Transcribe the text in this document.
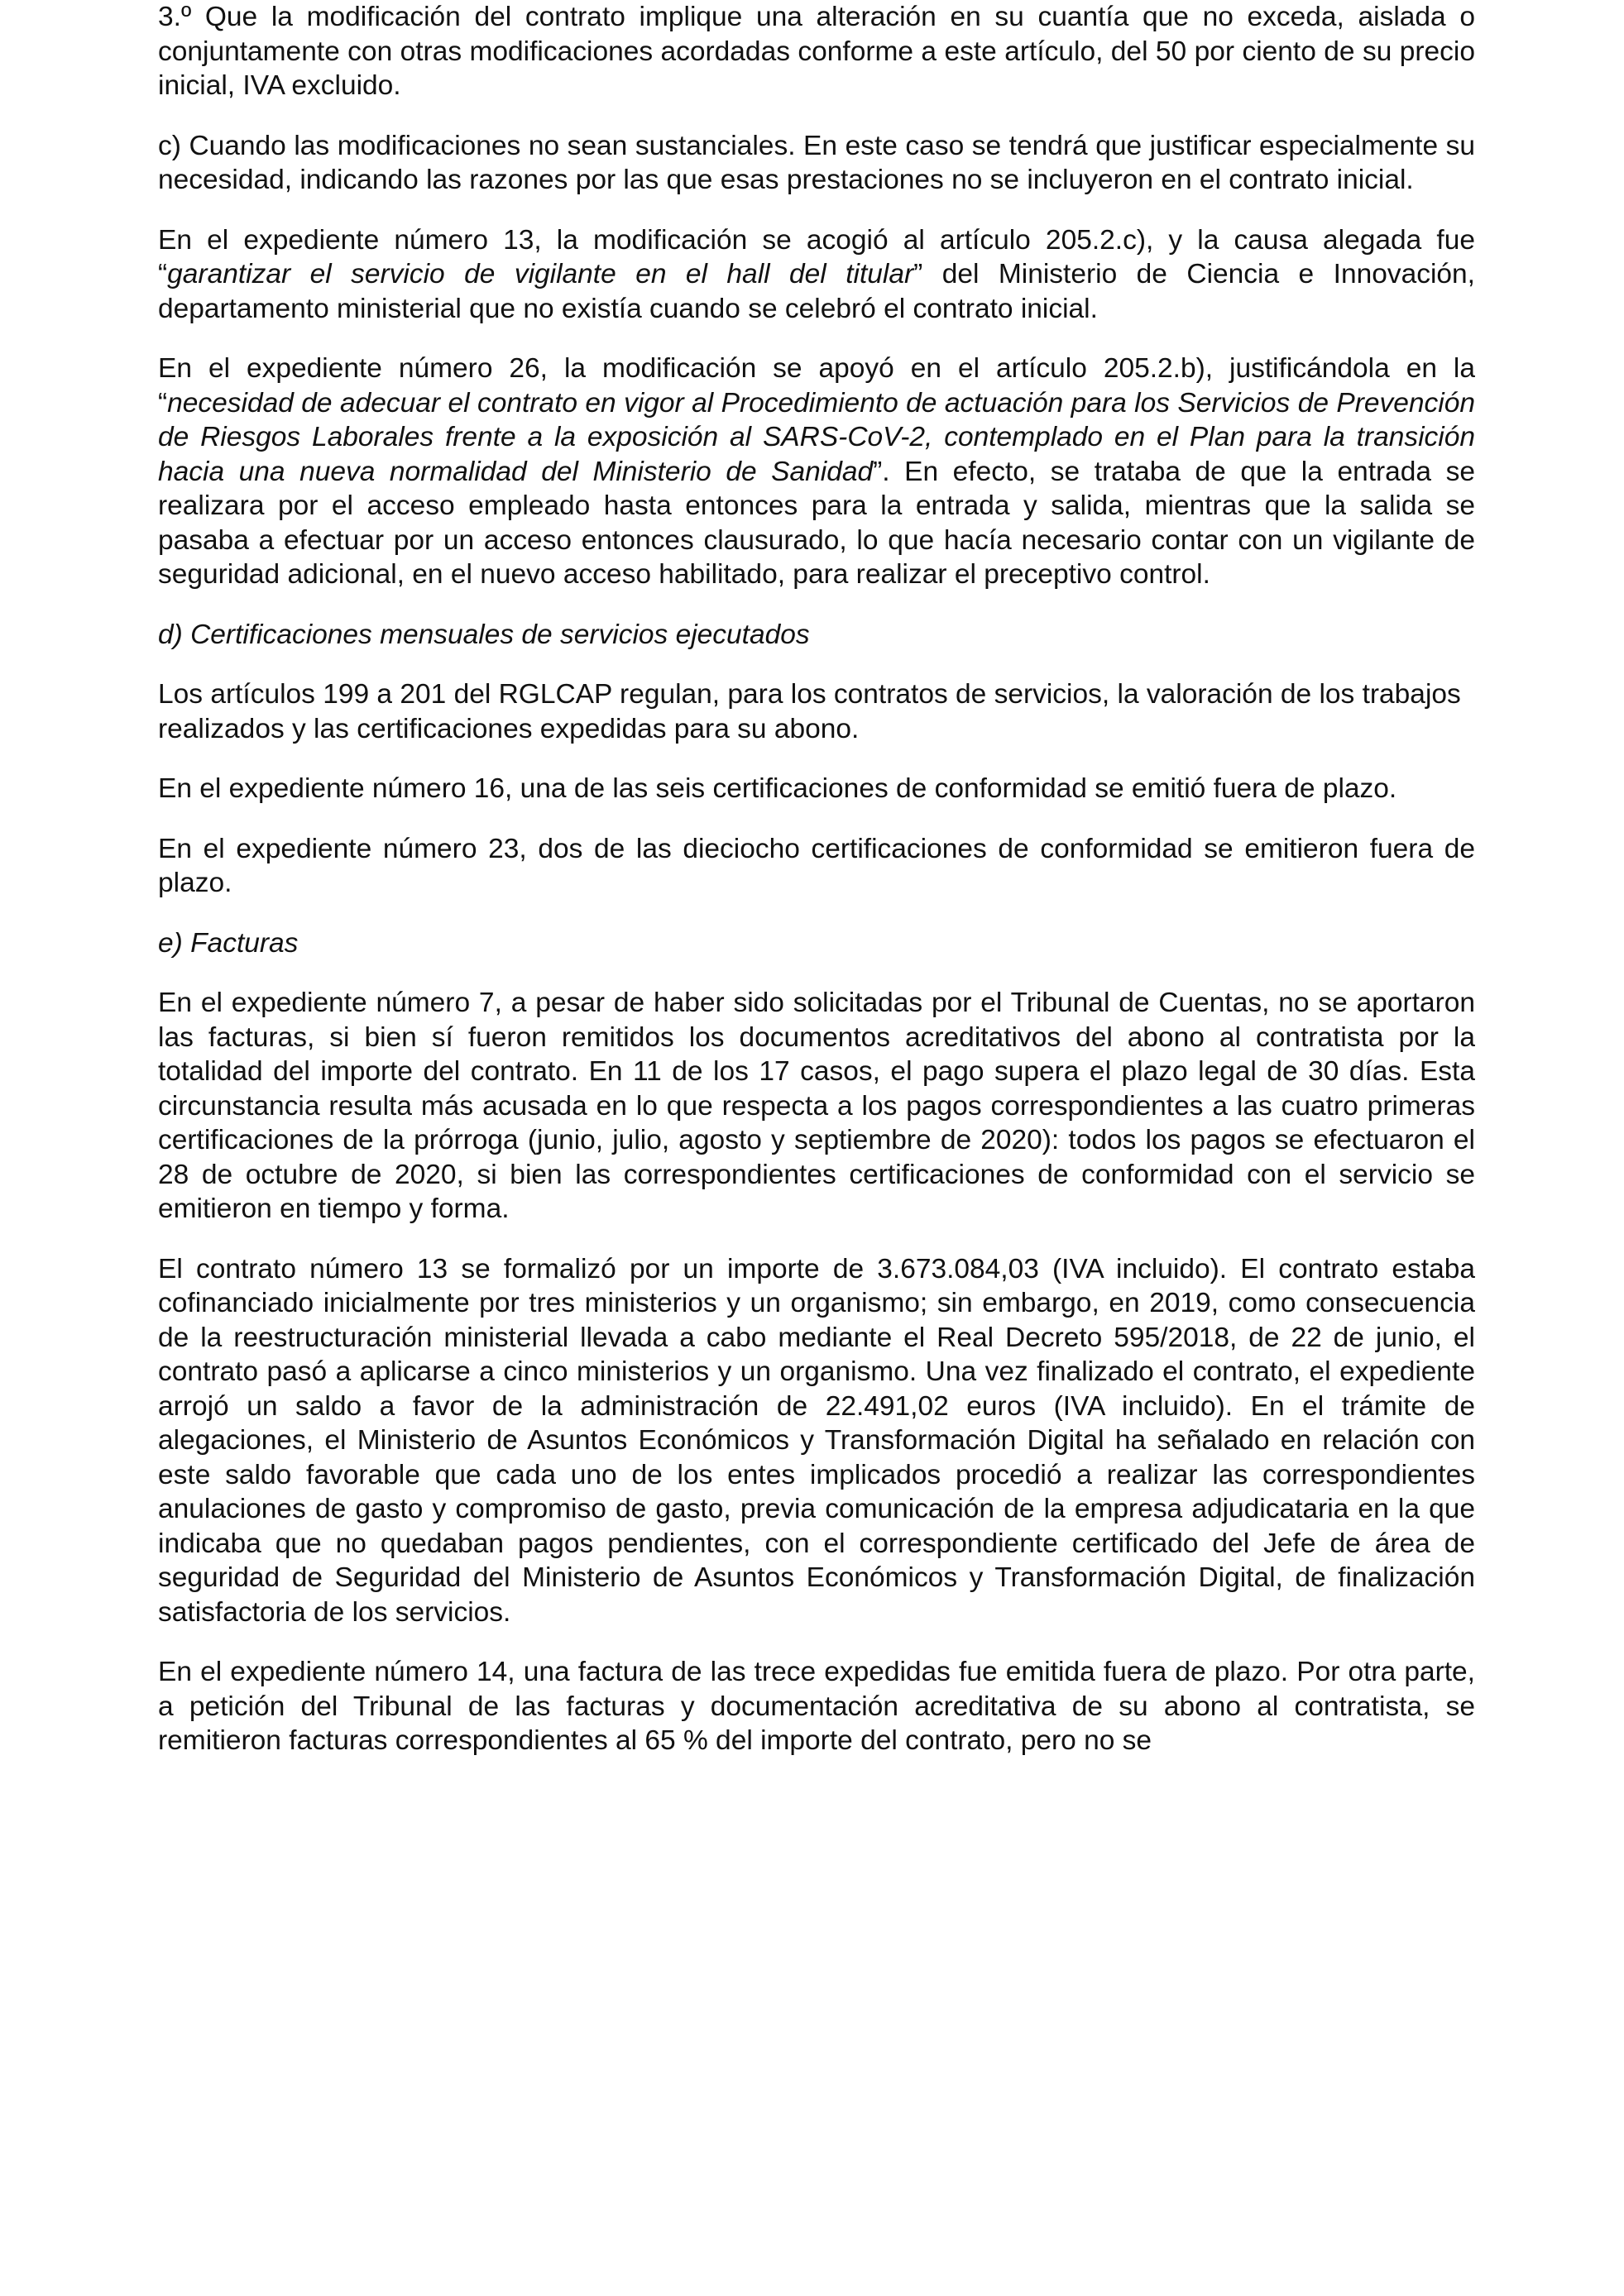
3.º Que la modificación del contrato implique una alteración en su cuantía que no exceda, aislada o conjuntamente con otras modificaciones acordadas conforme a este artículo, del 50 por ciento de su precio inicial, IVA excluido.

c) Cuando las modificaciones no sean sustanciales. En este caso se tendrá que justificar especialmente su necesidad, indicando las razones por las que esas prestaciones no se incluyeron en el contrato inicial.

En el expediente número 13, la modificación se acogió al artículo 205.2.c), y la causa alegada fue “garantizar el servicio de vigilante en el hall del titular” del Ministerio de Ciencia e Innovación, departamento ministerial que no existía cuando se celebró el contrato inicial.

En el expediente número 26, la modificación se apoyó en el artículo 205.2.b), justificándola en la “necesidad de adecuar el contrato en vigor al Procedimiento de actuación para los Servicios de Prevención de Riesgos Laborales frente a la exposición al SARS-CoV-2, contemplado en el Plan para la transición hacia una nueva normalidad del Ministerio de Sanidad”. En efecto, se trataba de que la entrada se realizara por el acceso empleado hasta entonces para la entrada y salida, mientras que la salida se pasaba a efectuar por un acceso entonces clausurado, lo que hacía necesario contar con un vigilante de seguridad adicional, en el nuevo acceso habilitado, para realizar el preceptivo control.

d) Certificaciones mensuales de servicios ejecutados

Los artículos 199 a 201 del RGLCAP regulan, para los contratos de servicios, la valoración de los trabajos realizados y las certificaciones expedidas para su abono.

En el expediente número 16, una de las seis certificaciones de conformidad se emitió fuera de plazo.

En el expediente número 23, dos de las dieciocho certificaciones de conformidad se emitieron fuera de plazo.

e) Facturas

En el expediente número 7, a pesar de haber sido solicitadas por el Tribunal de Cuentas, no se aportaron las facturas, si bien sí fueron remitidos los documentos acreditativos del abono al contratista por la totalidad del importe del contrato. En 11 de los 17 casos, el pago supera el plazo legal de 30 días. Esta circunstancia resulta más acusada en lo que respecta a los pagos correspondientes a las cuatro primeras certificaciones de la prórroga (junio, julio, agosto y septiembre de 2020): todos los pagos se efectuaron el 28 de octubre de 2020, si bien las correspondientes certificaciones de conformidad con el servicio se emitieron en tiempo y forma.

El contrato número 13 se formalizó por un importe de 3.673.084,03 (IVA incluido). El contrato estaba cofinanciado inicialmente por tres ministerios y un organismo; sin embargo, en 2019, como consecuencia de la reestructuración ministerial llevada a cabo mediante el Real Decreto 595/2018, de 22 de junio, el contrato pasó a aplicarse a cinco ministerios y un organismo. Una vez finalizado el contrato, el expediente arrojó un saldo a favor de la administración de 22.491,02 euros (IVA incluido). En el trámite de alegaciones, el Ministerio de Asuntos Económicos y Transformación Digital ha señalado en relación con este saldo favorable que cada uno de los entes implicados procedió a realizar las correspondientes anulaciones de gasto y compromiso de gasto, previa comunicación de la empresa adjudicataria en la que indicaba que no quedaban pagos pendientes, con el correspondiente certificado del Jefe de área de seguridad de Seguridad del Ministerio de Asuntos Económicos y Transformación Digital, de finalización satisfactoria de los servicios.

En el expediente número 14, una factura de las trece expedidas fue emitida fuera de plazo. Por otra parte, a petición del Tribunal de las facturas y documentación acreditativa de su abono al contratista, se remitieron facturas correspondientes al 65 % del importe del contrato, pero no se
